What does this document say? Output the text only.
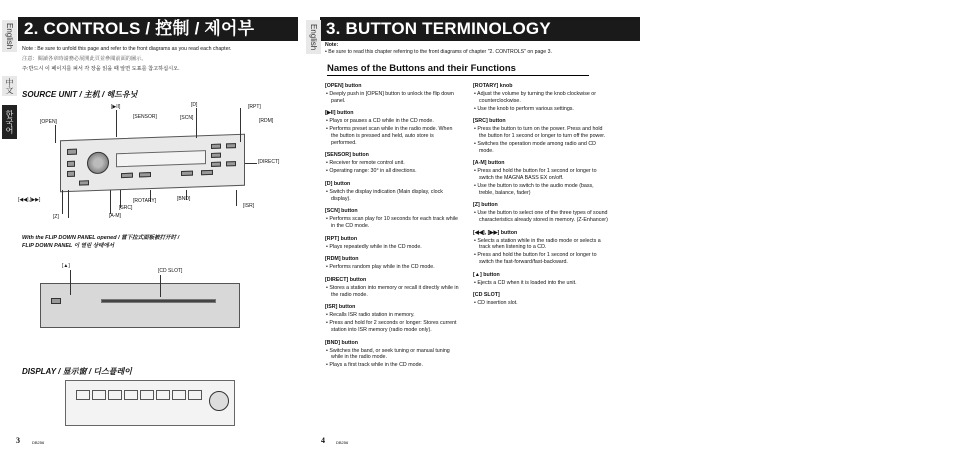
2. CONTROLS / 控制 / 제어부
English
中文
한국어
Note : Be sure to unfold this page and refer to the front diagrams as you read each chapter.
注意：閱讀各章時請務必展開此頁並參閱前面的圖示。
주:반드시 이 페이지를 펴서 각 장을 읽을 때 앞면 도표를 참고하십시오.
SOURCE UNIT / 主机 / 헤드유닛
[▶II]	[D]	[RPT]
[OPEN]
[SENSOR]	[SCN]	[RDM]
[DIRECT]
[◀◀],[▶▶]	[ROTARY]	[BND]
[SRC]	[ISR]
[Z]	[A-M]
With the FLIP DOWN PANEL opened / 當下拉式面板被打开时 /
FLIP DOWN PANEL 이 열린 상태에서
[▲]
[CD SLOT]
DISPLAY / 显示窗 / 디스플레이
3	DB256
3. BUTTON TERMINOLOGY
English	Note:
• Be sure to read this chapter referring to the front diagrams of chapter "2. CONTROLS" on page 3.
Names of the Buttons and their Functions
[OPEN] button
• Deeply push in [OPEN] button to unlock the flip down panel.
[▶II] button
• Plays or pauses a CD while in the CD mode.
• Performs preset scan while in the radio mode. When the button is pressed and held, auto store is performed.
[SENSOR] button
• Receiver for remote control unit.
• Operating range: 30° in all directions.
[D] button
• Switch the display indication (Main display, clock display).
[SCN] button
• Performs scan play for 10 seconds for each track while in the CD mode.
[RPT] button
• Plays repeatedly while in the CD mode.
[RDM] button
• Performs random play while in the CD mode.
[DIRECT] button
• Stores a station into memory or recall it directly while in the radio mode.
[ISR] button
• Recalls ISR radio station in memory.
• Press and hold for 2 seconds or longer: Stores current station into ISR memory (radio mode only).
[BND] button
• Switches the band, or seek tuning or manual tuning while in the radio mode.
• Plays a first track while in the CD mode.
[ROTARY] knob
• Adjust the volume by turning the knob clockwise or counterclockwise.
• Use the knob to perform various settings.
[SRC] button
• Press the button to turn on the power. Press and hold the button for 1 second or longer to turn off the power.
• Switches the operation mode among radio and CD mode.
[A-M] button
• Press and hold the button for 1 second or longer to switch the MAGNA BASS EX on/off.
• Use the button to switch to the audio mode (bass, treble, balance, fader)
[Z] button
• Use the button to select one of the three types of sound characteristics already stored in memory. (Z-Enhancer)
[◀◀], [▶▶] button
• Selects a station while in the radio mode or selects a track when listening to a CD.
• Press and hold the button for 1 second or longer to switch the fast-forward/fast-backward.
[▲] button
• Ejects a CD when it is loaded into the unit.
[CD SLOT]
• CD insertion slot.
4	DB256
